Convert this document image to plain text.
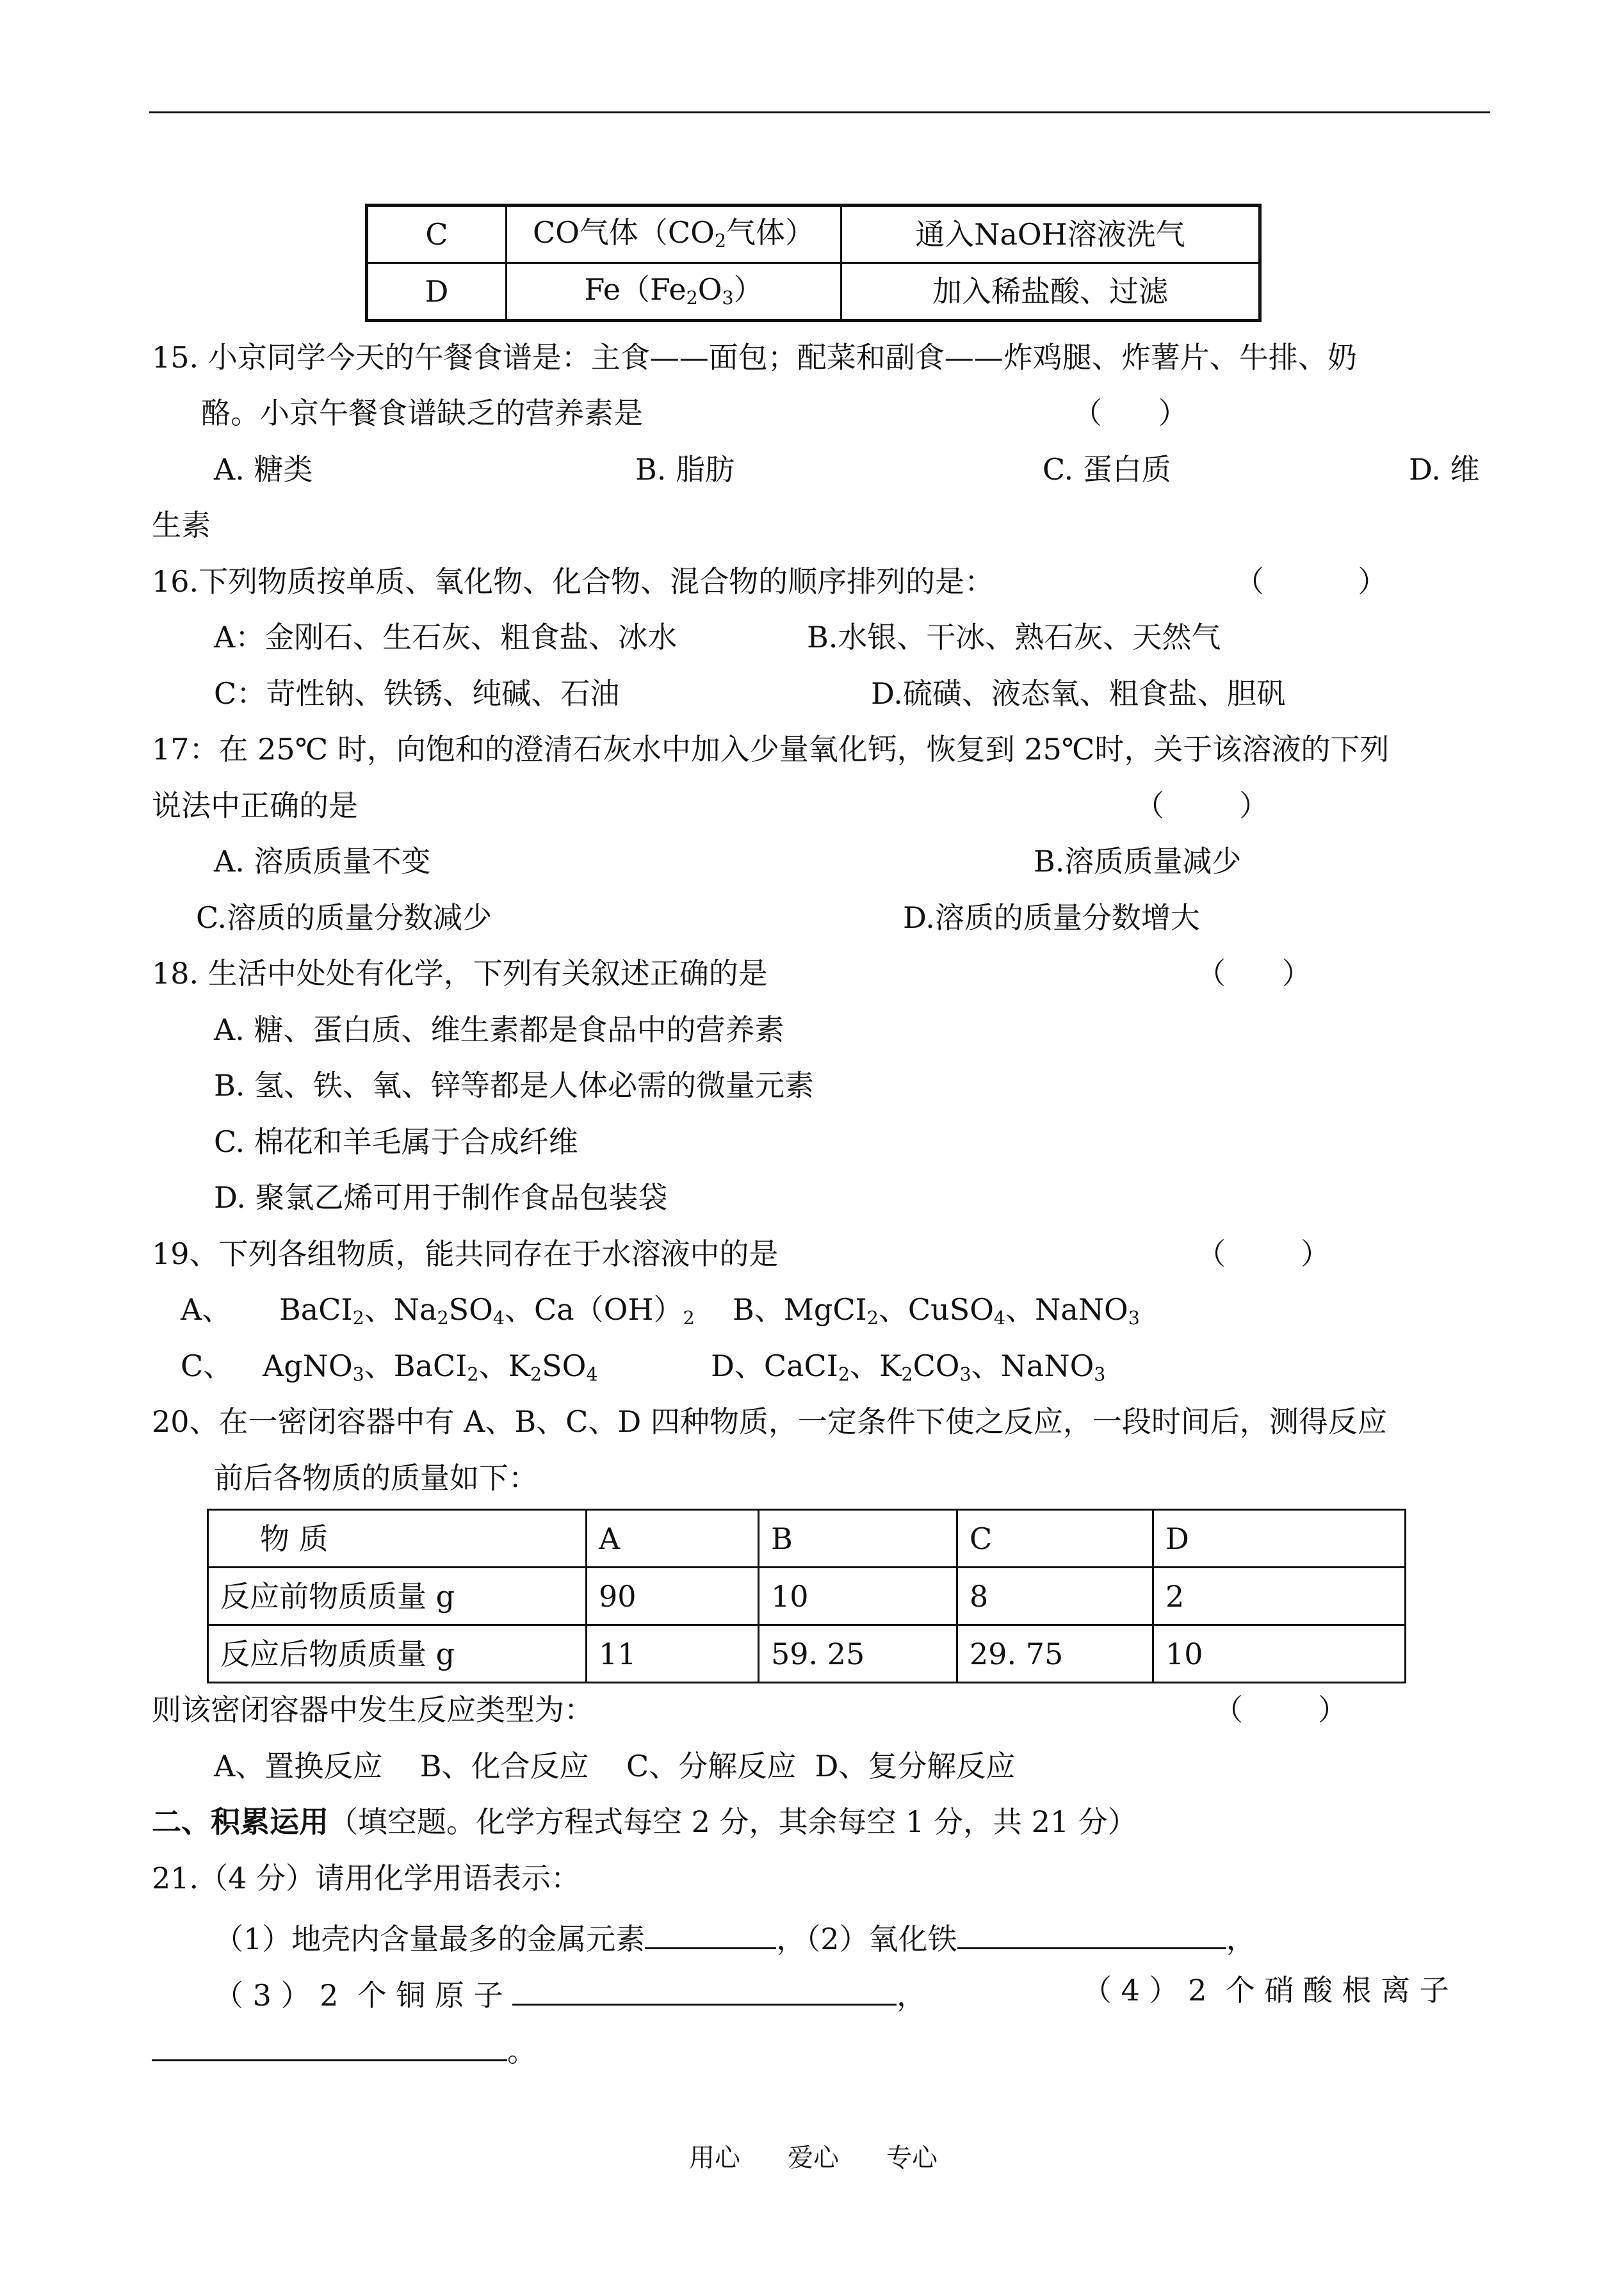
C	CO气体（$CO_2$气体）	通入NaOH溶液洗气
D	$Fe(Fe_2O_3)$	加入稀盐酸、过滤
15. 小京同学今天的午餐食谱是：主食——面包；配菜和副食——炸鸡腿、炸薯片、牛排、奶
酪。小京午餐食谱缺乏的营养素是	（      ）
A. 糖类	B. 脂肪	C. 蛋白质	D. 维
生素
16.下列物质按单质、氧化物、化合物、混合物的顺序排列的是：	（          ）
A：金刚石、生石灰、粗食盐、冰水	B.水银、干冰、熟石灰、天然气
C：苛性钠、铁锈、纯碱、石油	D.硫磺、液态氧、粗食盐、胆矾
17：在 25℃ 时，向饱和的澄清石灰水中加入少量氧化钙，恢复到 25℃时，关于该溶液的下列
说法中正确的是	（        ）
A. 溶质质量不变	B.溶质质量减少
C.溶质的质量分数减少	D.溶质的质量分数增大
18. 生活中处处有化学，下列有关叙述正确的是	（      ）
A. 糖、蛋白质、维生素都是食品中的营养素
B. 氢、铁、氧、锌等都是人体必需的微量元素
C. 棉花和羊毛属于合成纤维
D. 聚氯乙烯可用于制作食品包装袋
19、下列各组物质，能共同存在于水溶液中的是	（        ）
A、 BaCI$_2$、$Na_2SO_4$、$Ca(OH)_2$ B、MgCI$_2$、CuSO$_4$、NaNO$_3$
C、 AgNO$_3$、BaCI$_2$、$K_2SO_4$	D、CaCI$_2$、$K_2CO_3$、NaNO$_3$
20、在一密闭容器中有 A、B、C、D 四种物质，一定条件下使之反应，一段时间后，测得反应
前后各物质的质量如下：
物 质	A	B	C	D
反应前物质质量 g	90	10	8	2
反应后物质质量 g	11	59. 25	29. 75	10
则该密闭容器中发生反应类型为：	（        ）
A、置换反应    B、化合反应    C、分解反应  D、复分解反应
二、积累运用（填空题。化学方程式每空 2 分，其余每空 1 分，共 21 分）
21.（4 分）请用化学用语表示：
（1）地壳内含量最多的金属元素	，（2）氧化铁	，
（ 3 ） 2  个 铜 原 子	，	（ 4 ） 2  个 硝 酸 根 离 子
。
用心 爱心 专心
